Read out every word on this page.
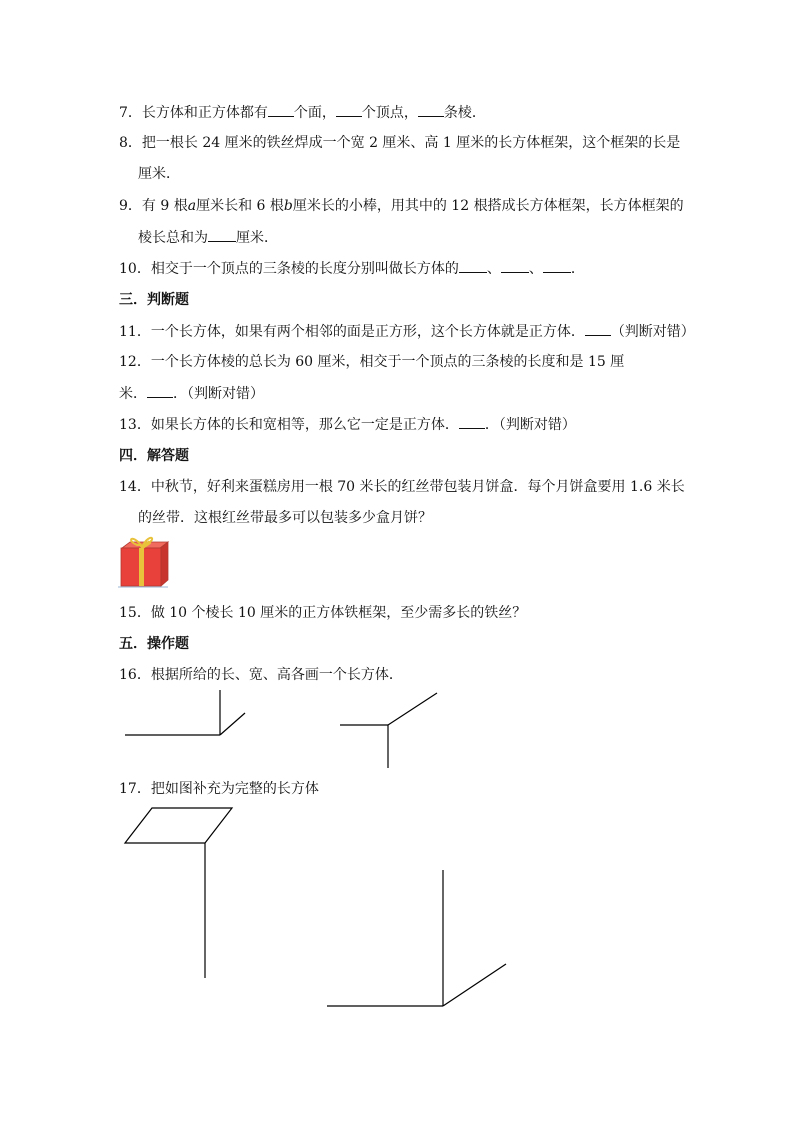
7．长方体和正方体都有 个面， 个顶点， 条棱．
8．把一根长 24 厘米的铁丝焊成一个宽 2 厘米、高 1 厘米的长方体框架，这个框架的长是
厘米．
9．有 9 根a厘米长和 6 根b厘米长的小棒，用其中的 12 根搭成长方体框架，长方体框架的
棱长总和为 厘米．
10．相交于一个顶点的三条棱的长度分别叫做长方体的 、 、 ．
三．判断题
11．一个长方体，如果有两个相邻的面是正方形，这个长方体就是正方体． （判断对错）
12．一个长方体棱的总长为 60 厘米，相交于一个顶点的三条棱的长度和是 15 厘
米． ．（判断对错）
13．如果长方体的长和宽相等，那么它一定是正方体． ．（判断对错）
四．解答题
14．中秋节，好利来蛋糕房用一根 70 米长的红丝带包装月饼盒．每个月饼盒要用 1.6 米长
的丝带．这根红丝带最多可以包装多少盒月饼？
15．做 10 个棱长 10 厘米的正方体铁框架，至少需多长的铁丝？
五．操作题
16．根据所给的长、宽、高各画一个长方体．
17．把如图补充为完整的长方体
